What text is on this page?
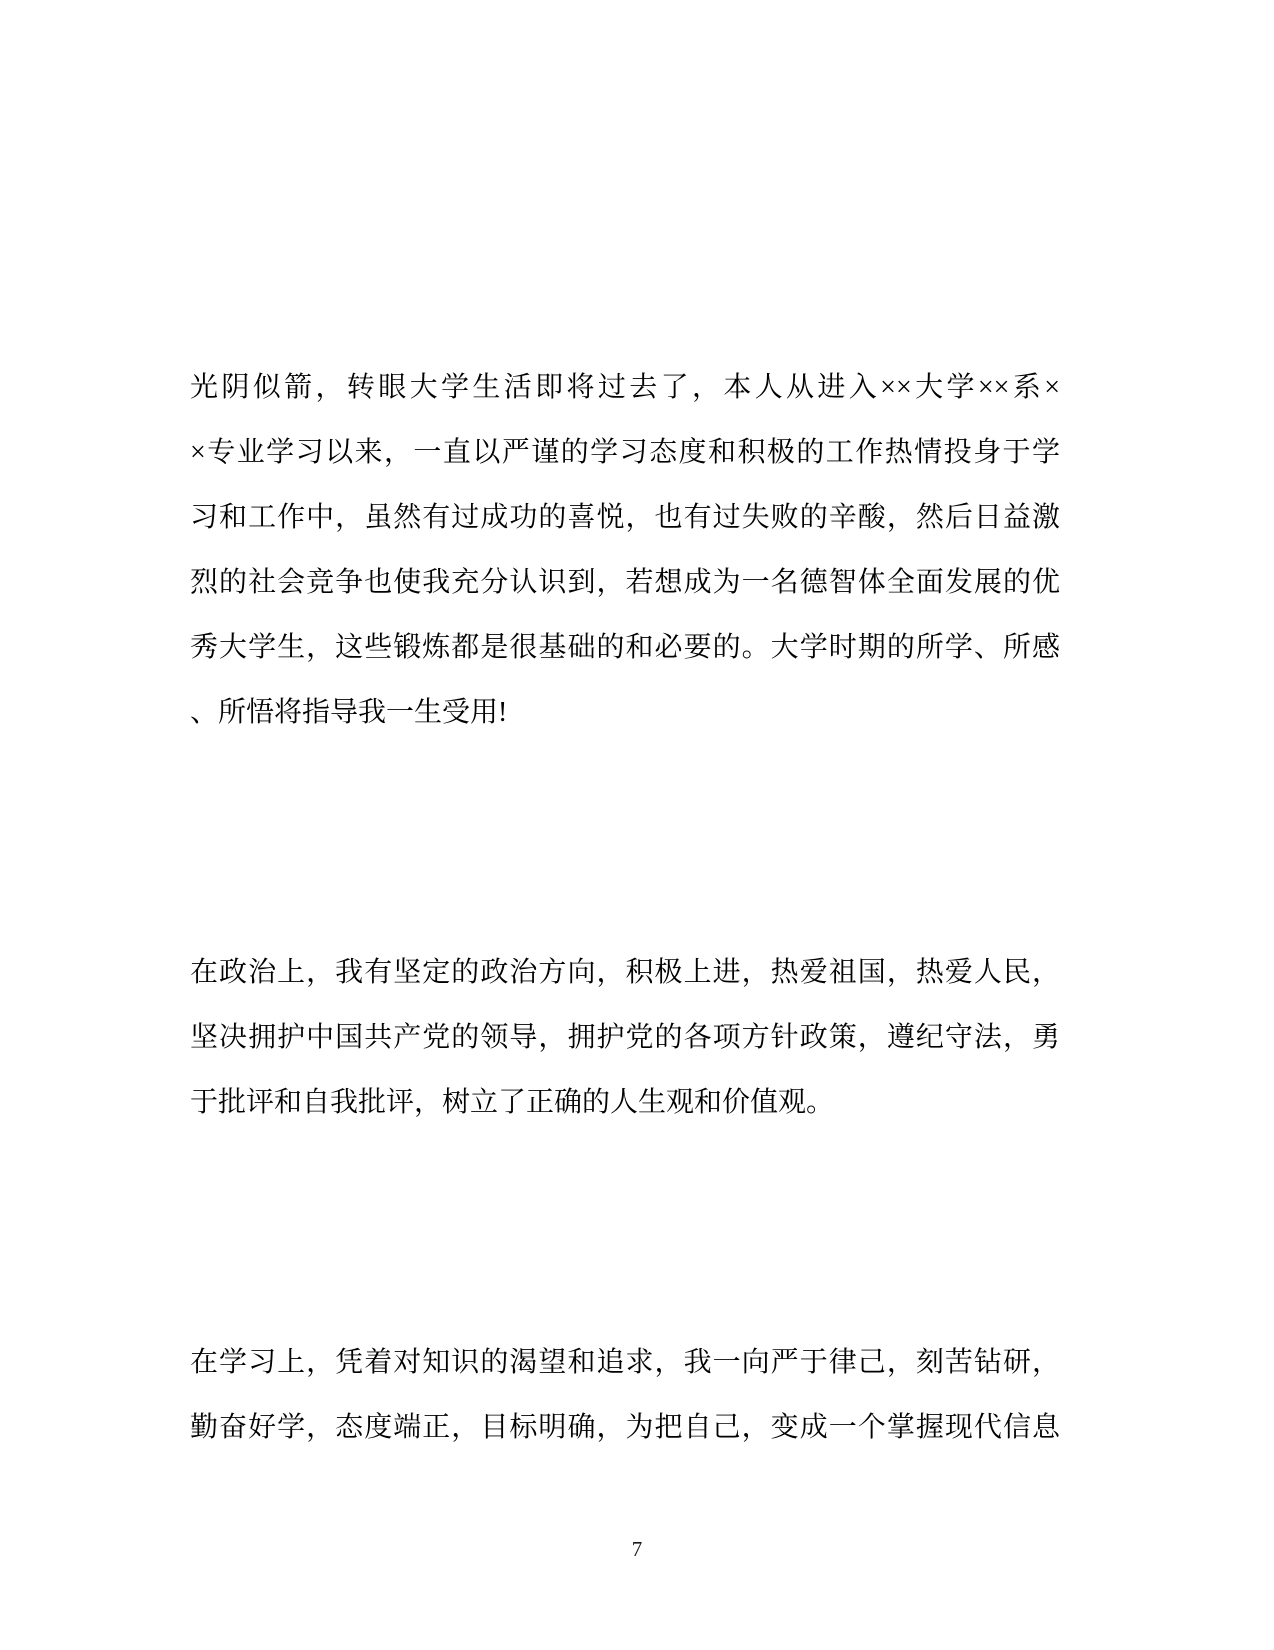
光阴似箭，转眼大学生活即将过去了，本人从进入××大学××系×
×专业学习以来，一直以严谨的学习态度和积极的工作热情投身于学
习和工作中，虽然有过成功的喜悦，也有过失败的辛酸，然后日益激
烈的社会竞争也使我充分认识到，若想成为一名德智体全面发展的优
秀大学生，这些锻炼都是很基础的和必要的。大学时期的所学、所感
、所悟将指导我一生受用!
在政治上，我有坚定的政治方向，积极上进，热爱祖国，热爱人民，
坚决拥护中国共产党的领导，拥护党的各项方针政策，遵纪守法，勇
于批评和自我批评，树立了正确的人生观和价值观。
在学习上，凭着对知识的渴望和追求，我一向严于律己，刻苦钻研，
勤奋好学，态度端正，目标明确，为把自己，变成一个掌握现代信息
7
